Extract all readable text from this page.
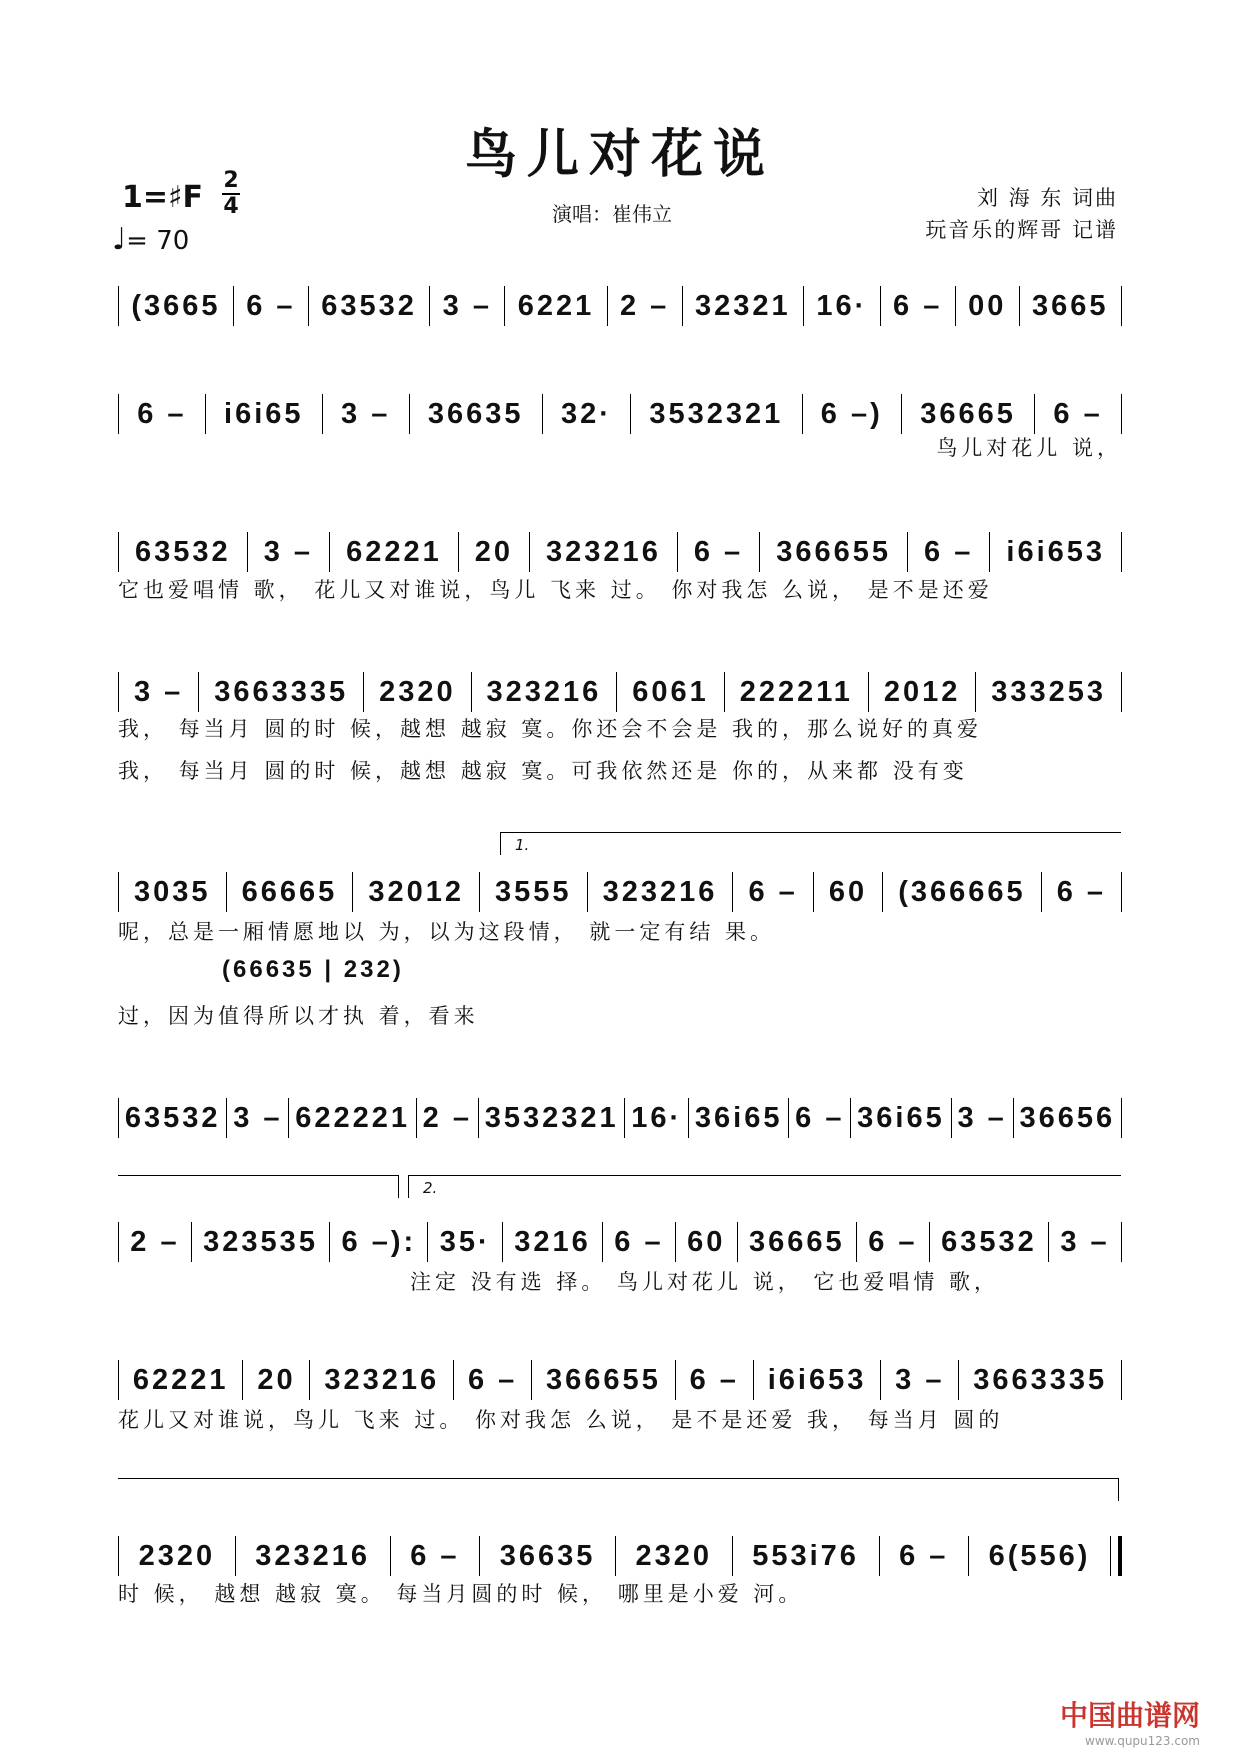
鸟儿对花说
1=♯F 2
4
♩= 70
演唱：崔伟立
刘 海 东 词曲
玩音乐的辉哥 记谱
1.
2.
(3665 6 – 63532 3 – 6221 2 – 32321 16· 6 – 00 3665
6 –	i6i65	3 –	36635	32·	3532321	6 –)	36665	6 –
63532	3 –	62221	20	323216	6 –	366655	6 –	i6i653
3 –	3663335	2320	323216	6061	222211	2012	333253
3035	66665	32012	3555	323216	6 –	60	(366665	6 –
63532 3 – 622221 2 – 3532321 16· 36i65 6 – 36i65 3 – 36656
2 – 323535 6 –): 35· 3216 6 – 60 36665 6 – 63532 3 –
62221 20 323216 6 – 366655 6 – i6i653 3 – 3663335
2320	323216	6 –	36635	2320	553i76	6 –	6(556)
鸟儿对花儿 说，
它也爱唱情 歌， 花儿又对谁说，鸟儿 飞来 过。 你对我怎 么说， 是不是还爱
我， 每当月 圆的时 候，越想 越寂 寞。你还会不会是 我的，那么说好的真爱
我， 每当月 圆的时 候，越想 越寂 寞。可我依然还是 你的，从来都 没有变
呢，总是一厢情愿地以 为，以为这段情， 就一定有结 果。
(66635 | 232)
过，因为值得所以才执 着，看来
注定 没有选 择。 鸟儿对花儿 说， 它也爱唱情 歌，
花儿又对谁说，鸟儿 飞来 过。 你对我怎 么说， 是不是还爱 我， 每当月 圆的
时 候， 越想 越寂 寞。 每当月圆的时 候， 哪里是小爱 河。
中国曲谱网
www.qupu123.com
